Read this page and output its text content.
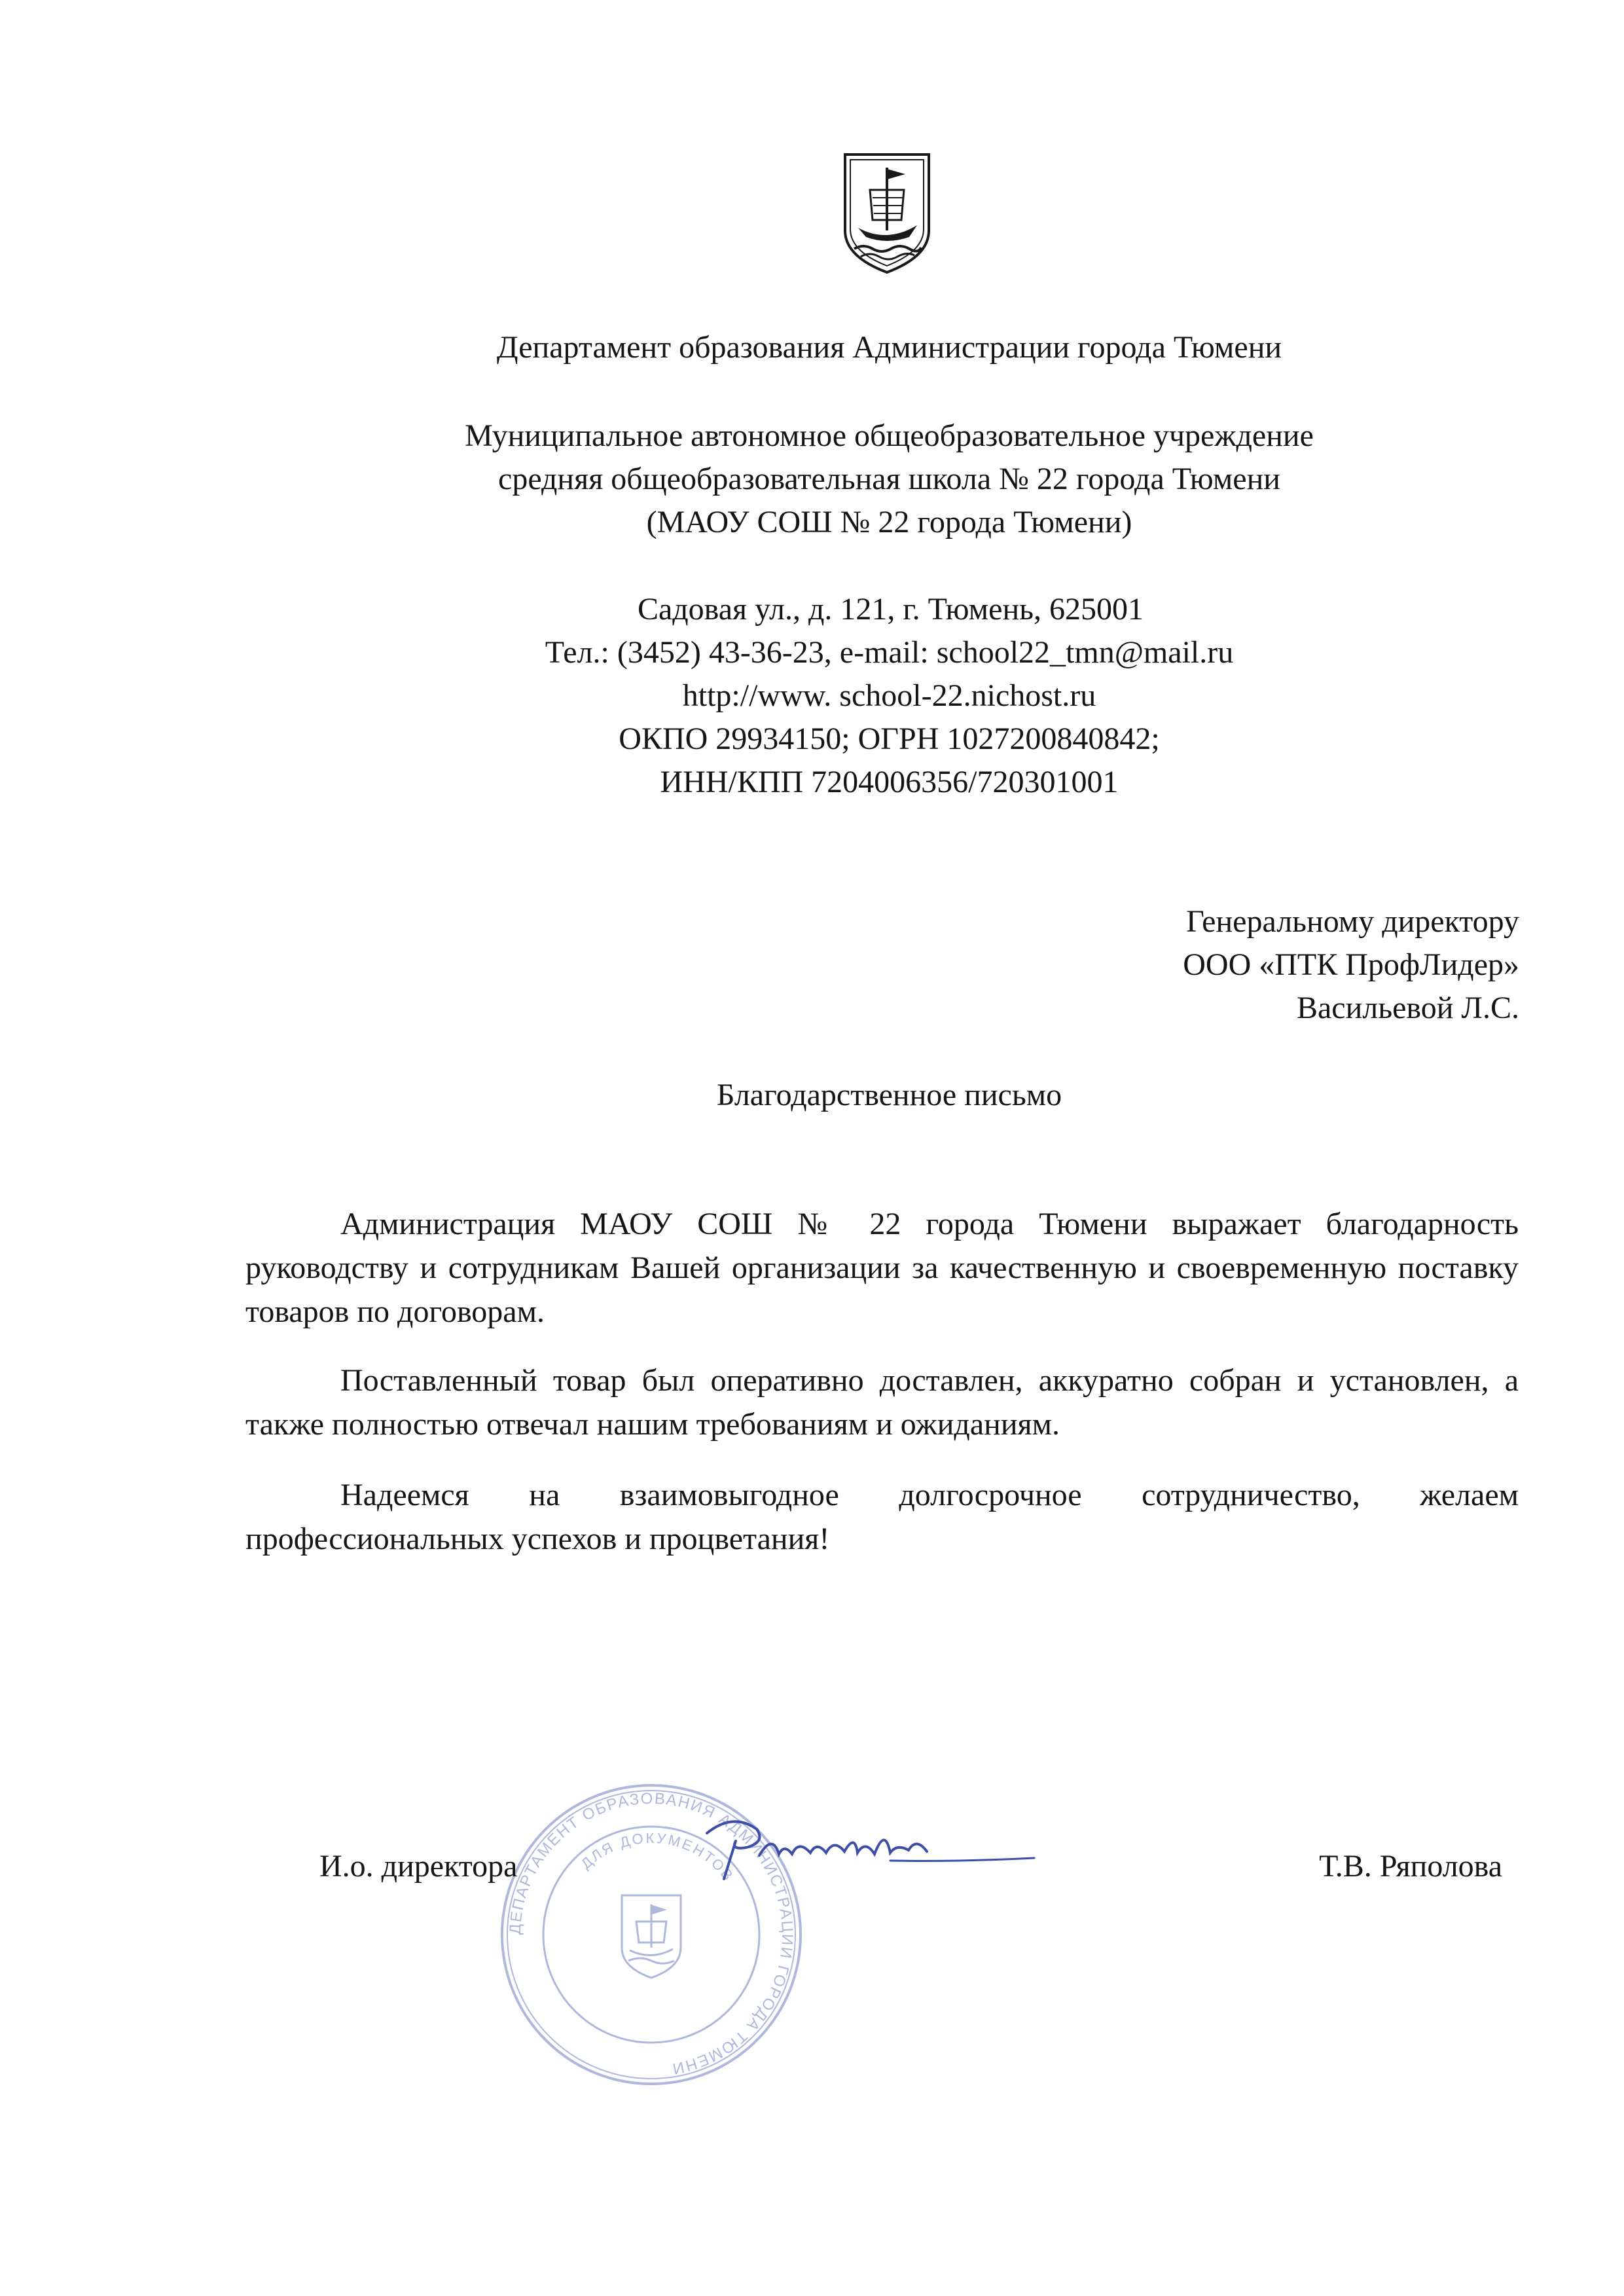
Департамент образования Администрации города Тюмени
Муниципальное автономное общеобразовательное учреждение
средняя общеобразовательная школа № 22 города Тюмени
(МАОУ СОШ № 22 города Тюмени)
Садовая ул., д. 121, г. Тюмень, 625001
Тел.: (3452) 43-36-23, e-mail: school22_tmn@mail.ru
http://www. school-22.nichost.ru
ОКПО 29934150; ОГРН 1027200840842;
ИНН/КПП 7204006356/720301001
Генеральному директору
ООО «ПТК ПрофЛидер»
Васильевой Л.С.
Благодарственное письмо
Администрация МАОУ СОШ № 22 города Тюмени выражает благодарность руководству и сотрудникам Вашей организации за качественную и своевременную поставку товаров по договорам.
Поставленный товар был оперативно доставлен, аккуратно собран и установлен, а также полностью отвечал нашим требованиям и ожиданиям.
Надеемся на взаимовыгодное долгосрочное сотрудничество, желаем профессиональных успехов и процветания!
ДЕПАРТАМЕНТ ОБРАЗОВАНИЯ АДМИНИСТРАЦИИ ГОРОДА ТЮМЕНИ
ДЛЯ ДОКУМЕНТОВ
И.о. директора	Т.В. Ряполова
